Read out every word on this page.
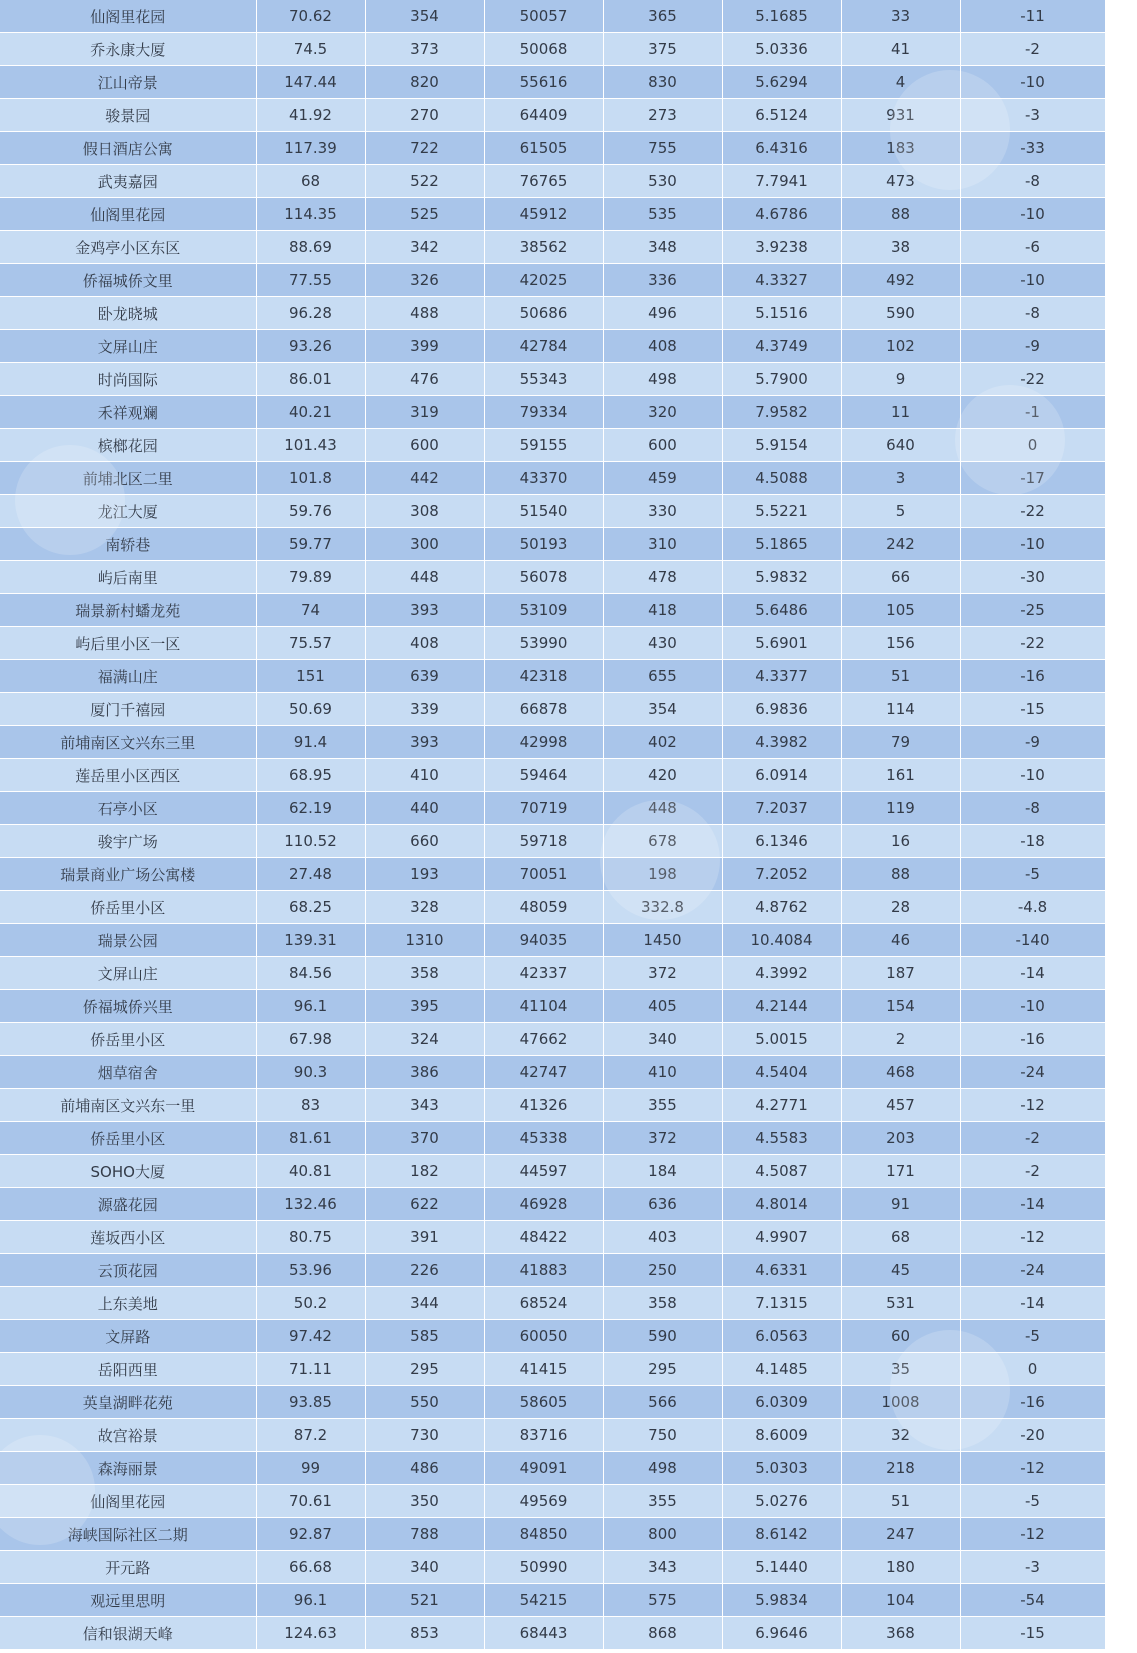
仙阁里花园	70.62	354	50057	365	5.1685	33	-11
乔永康大厦	74.5	373	50068	375	5.0336	41	-2
江山帝景	147.44	820	55616	830	5.6294	4	-10
骏景园	41.92	270	64409	273	6.5124	931	-3
假日酒店公寓	117.39	722	61505	755	6.4316	183	-33
武夷嘉园	68	522	76765	530	7.7941	473	-8
仙阁里花园	114.35	525	45912	535	4.6786	88	-10
金鸡亭小区东区	88.69	342	38562	348	3.9238	38	-6
侨福城侨文里	77.55	326	42025	336	4.3327	492	-10
卧龙晓城	96.28	488	50686	496	5.1516	590	-8
文屏山庄	93.26	399	42784	408	4.3749	102	-9
时尚国际	86.01	476	55343	498	5.7900	9	-22
禾祥观斓	40.21	319	79334	320	7.9582	11	-1
槟榔花园	101.43	600	59155	600	5.9154	640	0
前埔北区二里	101.8	442	43370	459	4.5088	3	-17
龙江大厦	59.76	308	51540	330	5.5221	5	-22
南轿巷	59.77	300	50193	310	5.1865	242	-10
屿后南里	79.89	448	56078	478	5.9832	66	-30
瑞景新村蟠龙苑	74	393	53109	418	5.6486	105	-25
屿后里小区一区	75.57	408	53990	430	5.6901	156	-22
福满山庄	151	639	42318	655	4.3377	51	-16
厦门千禧园	50.69	339	66878	354	6.9836	114	-15
前埔南区文兴东三里	91.4	393	42998	402	4.3982	79	-9
莲岳里小区西区	68.95	410	59464	420	6.0914	161	-10
石亭小区	62.19	440	70719	448	7.2037	119	-8
骏宇广场	110.52	660	59718	678	6.1346	16	-18
瑞景商业广场公寓楼	27.48	193	70051	198	7.2052	88	-5
侨岳里小区	68.25	328	48059	332.8	4.8762	28	-4.8
瑞景公园	139.31	1310	94035	1450	10.4084	46	-140
文屏山庄	84.56	358	42337	372	4.3992	187	-14
侨福城侨兴里	96.1	395	41104	405	4.2144	154	-10
侨岳里小区	67.98	324	47662	340	5.0015	2	-16
烟草宿舍	90.3	386	42747	410	4.5404	468	-24
前埔南区文兴东一里	83	343	41326	355	4.2771	457	-12
侨岳里小区	81.61	370	45338	372	4.5583	203	-2
SOHO大厦	40.81	182	44597	184	4.5087	171	-2
源盛花园	132.46	622	46928	636	4.8014	91	-14
莲坂西小区	80.75	391	48422	403	4.9907	68	-12
云顶花园	53.96	226	41883	250	4.6331	45	-24
上东美地	50.2	344	68524	358	7.1315	531	-14
文屏路	97.42	585	60050	590	6.0563	60	-5
岳阳西里	71.11	295	41415	295	4.1485	35	0
英皇湖畔花苑	93.85	550	58605	566	6.0309	1008	-16
故宫裕景	87.2	730	83716	750	8.6009	32	-20
森海丽景	99	486	49091	498	5.0303	218	-12
仙阁里花园	70.61	350	49569	355	5.0276	51	-5
海峡国际社区二期	92.87	788	84850	800	8.6142	247	-12
开元路	66.68	340	50990	343	5.1440	180	-3
观远里思明	96.1	521	54215	575	5.9834	104	-54
信和银湖天峰	124.63	853	68443	868	6.9646	368	-15
